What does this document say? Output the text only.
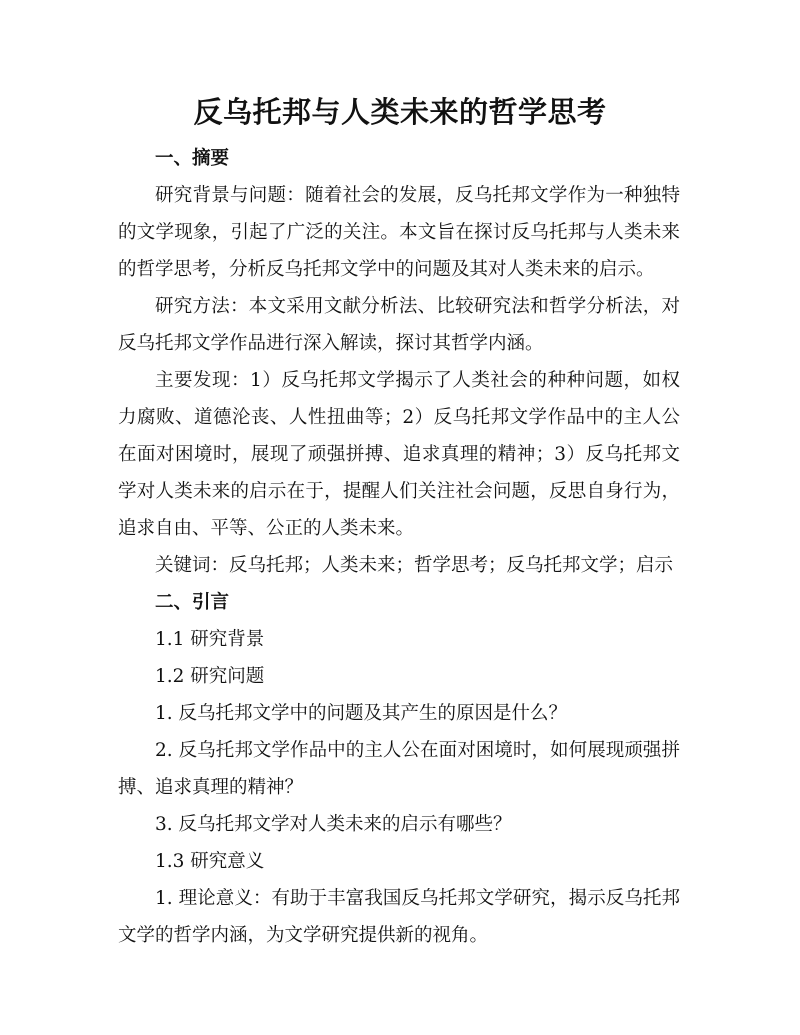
反乌托邦与人类未来的哲学思考
一、摘要

研究背景与问题：随着社会的发展，反乌托邦文学作为一种独特的文学现象，引起了广泛的关注。本文旨在探讨反乌托邦与人类未来的哲学思考，分析反乌托邦文学中的问题及其对人类未来的启示。

研究方法：本文采用文献分析法、比较研究法和哲学分析法，对反乌托邦文学作品进行深入解读，探讨其哲学内涵。

主要发现：1）反乌托邦文学揭示了人类社会的种种问题，如权力腐败、道德沦丧、人性扭曲等；2）反乌托邦文学作品中的主人公在面对困境时，展现了顽强拼搏、追求真理的精神；3）反乌托邦文学对人类未来的启示在于，提醒人们关注社会问题，反思自身行为，追求自由、平等、公正的人类未来。

关键词：反乌托邦；人类未来；哲学思考；反乌托邦文学；启示

二、引言

1.1 研究背景

1.2 研究问题

1. 反乌托邦文学中的问题及其产生的原因是什么？

2. 反乌托邦文学作品中的主人公在面对困境时，如何展现顽强拼搏、追求真理的精神？

3. 反乌托邦文学对人类未来的启示有哪些？

1.3 研究意义

1. 理论意义：有助于丰富我国反乌托邦文学研究，揭示反乌托邦文学的哲学内涵，为文学研究提供新的视角。
